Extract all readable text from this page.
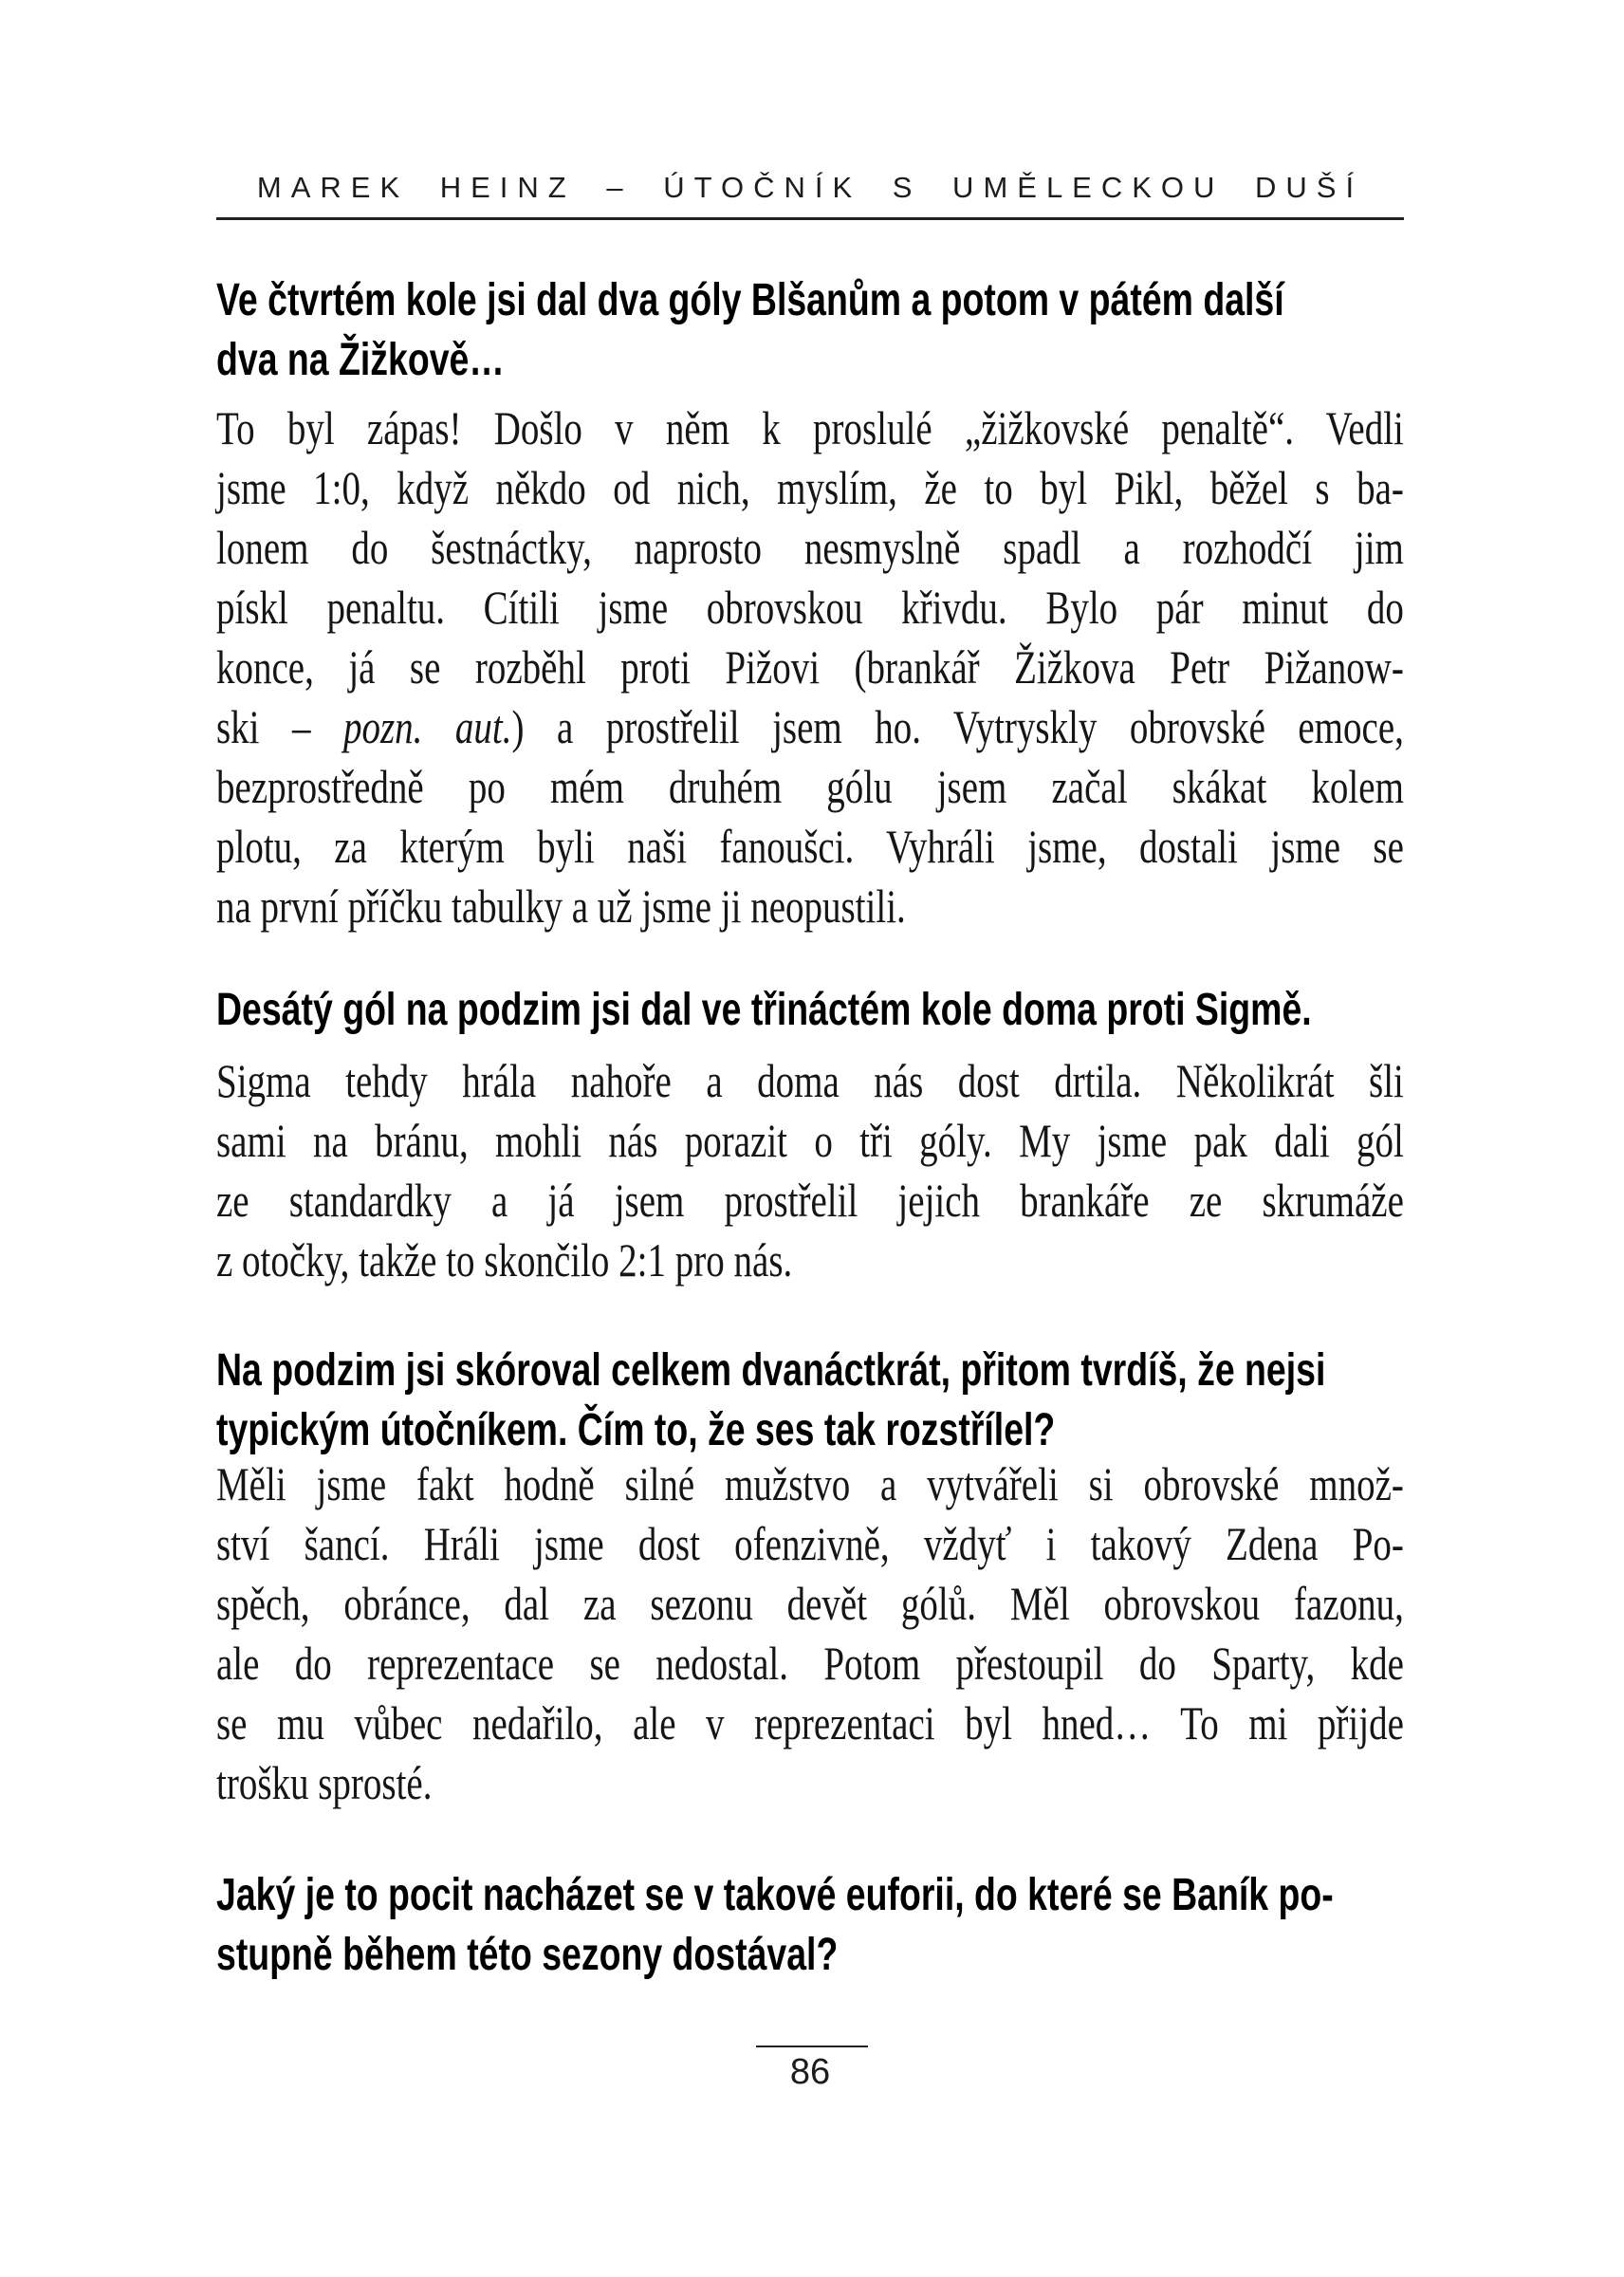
MAREK HEINZ – ÚTOČNÍK S UMĚLECKOU DUŠÍ
Ve čtvrtém kole jsi dal dva góly Blšanům a potom v pátém další
dva na Žižkově…
To byl zápas! Došlo v něm k proslulé „žižkovské penaltě“. Vedli
jsme 1:0, když někdo od nich, myslím, že to byl Pikl, běžel s ba-
lonem do šestnáctky, naprosto nesmyslně spadl a rozhodčí jim
pískl penaltu. Cítili jsme obrovskou křivdu. Bylo pár minut do
konce, já se rozběhl proti Pižovi (brankář Žižkova Petr Pižanow-
ski – pozn. aut.) a prostřelil jsem ho. Vytryskly obrovské emoce,
bezprostředně po mém druhém gólu jsem začal skákat kolem
plotu, za kterým byli naši fanoušci. Vyhráli jsme, dostali jsme se
na první příčku tabulky a už jsme ji neopustili.
Desátý gól na podzim jsi dal ve třináctém kole doma proti Sigmě.
Sigma tehdy hrála nahoře a doma nás dost drtila. Několikrát šli
sami na bránu, mohli nás porazit o tři góly. My jsme pak dali gól
ze standardky a já jsem prostřelil jejich brankáře ze skrumáže
z otočky, takže to skončilo 2:1 pro nás.
Na podzim jsi skóroval celkem dvanáctkrát, přitom tvrdíš, že nejsi
typickým útočníkem. Čím to, že ses tak rozstřílel?
Měli jsme fakt hodně silné mužstvo a vytvářeli si obrovské množ-
ství šancí. Hráli jsme dost ofenzivně, vždyť i takový Zdena Po-
spěch, obránce, dal za sezonu devět gólů. Měl obrovskou fazonu,
ale do reprezentace se nedostal. Potom přestoupil do Sparty, kde
se mu vůbec nedařilo, ale v reprezentaci byl hned… To mi přijde
trošku sprosté.
Jaký je to pocit nacházet se v takové euforii, do které se Baník po-
stupně během této sezony dostával?
86
